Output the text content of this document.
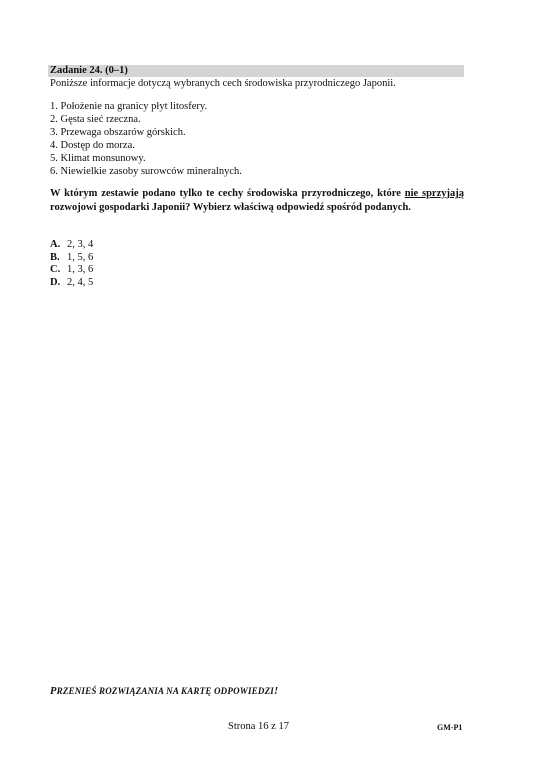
Zadanie 24. (0–1)
Poniższe informacje dotyczą wybranych cech środowiska przyrodniczego Japonii.
1. Położenie na granicy płyt litosfery.
2. Gęsta sieć rzeczna.
3. Przewaga obszarów górskich.
4. Dostęp do morza.
5. Klimat monsunowy.
6. Niewielkie zasoby surowców mineralnych.
W którym zestawie podano tylko te cechy środowiska przyrodniczego, które nie sprzyjają rozwojowi gospodarki Japonii? Wybierz właściwą odpowiedź spośród podanych.
A. 2, 3, 4
B. 1, 5, 6
C. 1, 3, 6
D. 2, 4, 5
PRZENIEŚ ROZWIĄZANIA NA KARTĘ ODPOWIEDZI!
Strona 16 z 17	GM-P1
